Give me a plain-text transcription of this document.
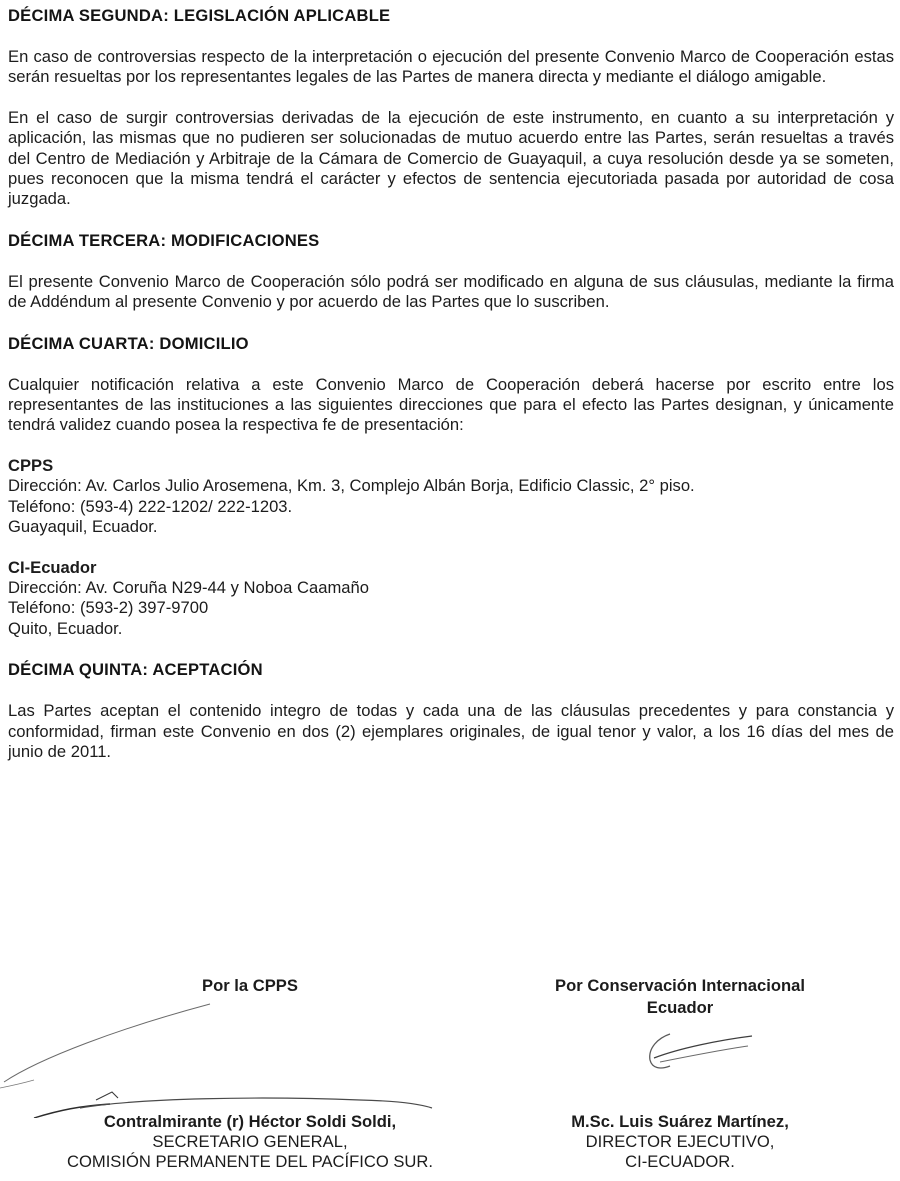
DÉCIMA SEGUNDA: LEGISLACIÓN APLICABLE

En caso de controversias respecto de la interpretación o ejecución del presente Convenio Marco de Cooperación estas serán resueltas por los representantes legales de las Partes de manera directa y mediante el diálogo amigable.

En el caso de surgir controversias derivadas de la ejecución de este instrumento, en cuanto a su interpretación y aplicación, las mismas que no pudieren ser solucionadas de mutuo acuerdo entre las Partes, serán resueltas a través del Centro de Mediación y Arbitraje de la Cámara de Comercio de Guayaquil, a cuya resolución desde ya se someten, pues reconocen que la misma tendrá el carácter y efectos de sentencia ejecutoriada pasada por autoridad de cosa juzgada.

DÉCIMA TERCERA: MODIFICACIONES

El presente Convenio Marco de Cooperación sólo podrá ser modificado en alguna de sus cláusulas, mediante la firma de Addéndum al presente Convenio y por acuerdo de las Partes que lo suscriben.

DÉCIMA CUARTA: DOMICILIO

Cualquier notificación relativa a este Convenio Marco de Cooperación deberá hacerse por escrito entre los representantes de las instituciones a las siguientes direcciones que para el efecto las Partes designan, y únicamente tendrá validez cuando posea la respectiva fe de presentación:

CPPS

Dirección: Av. Carlos Julio Arosemena, Km. 3, Complejo Albán Borja, Edificio Classic, 2° piso.

Teléfono: (593-4) 222-1202/ 222-1203.

Guayaquil, Ecuador.

CI-Ecuador

Dirección: Av. Coruña N29-44 y Noboa Caamaño

Teléfono: (593-2) 397-9700

Quito, Ecuador.

DÉCIMA QUINTA: ACEPTACIÓN

Las Partes aceptan el contenido integro de todas y cada una de las cláusulas precedentes y para constancia y conformidad, firman este Convenio en dos (2) ejemplares originales, de igual tenor y valor, a los 16 días del mes de junio de 2011.

Por la CPPS	Por Conservación Internacional

Ecuador

Contralmirante (r) Héctor Soldi Soldi,

SECRETARIO GENERAL,

COMISIÓN PERMANENTE DEL PACÍFICO SUR.

M.Sc. Luis Suárez Martínez,

DIRECTOR EJECUTIVO,

CI-ECUADOR.
